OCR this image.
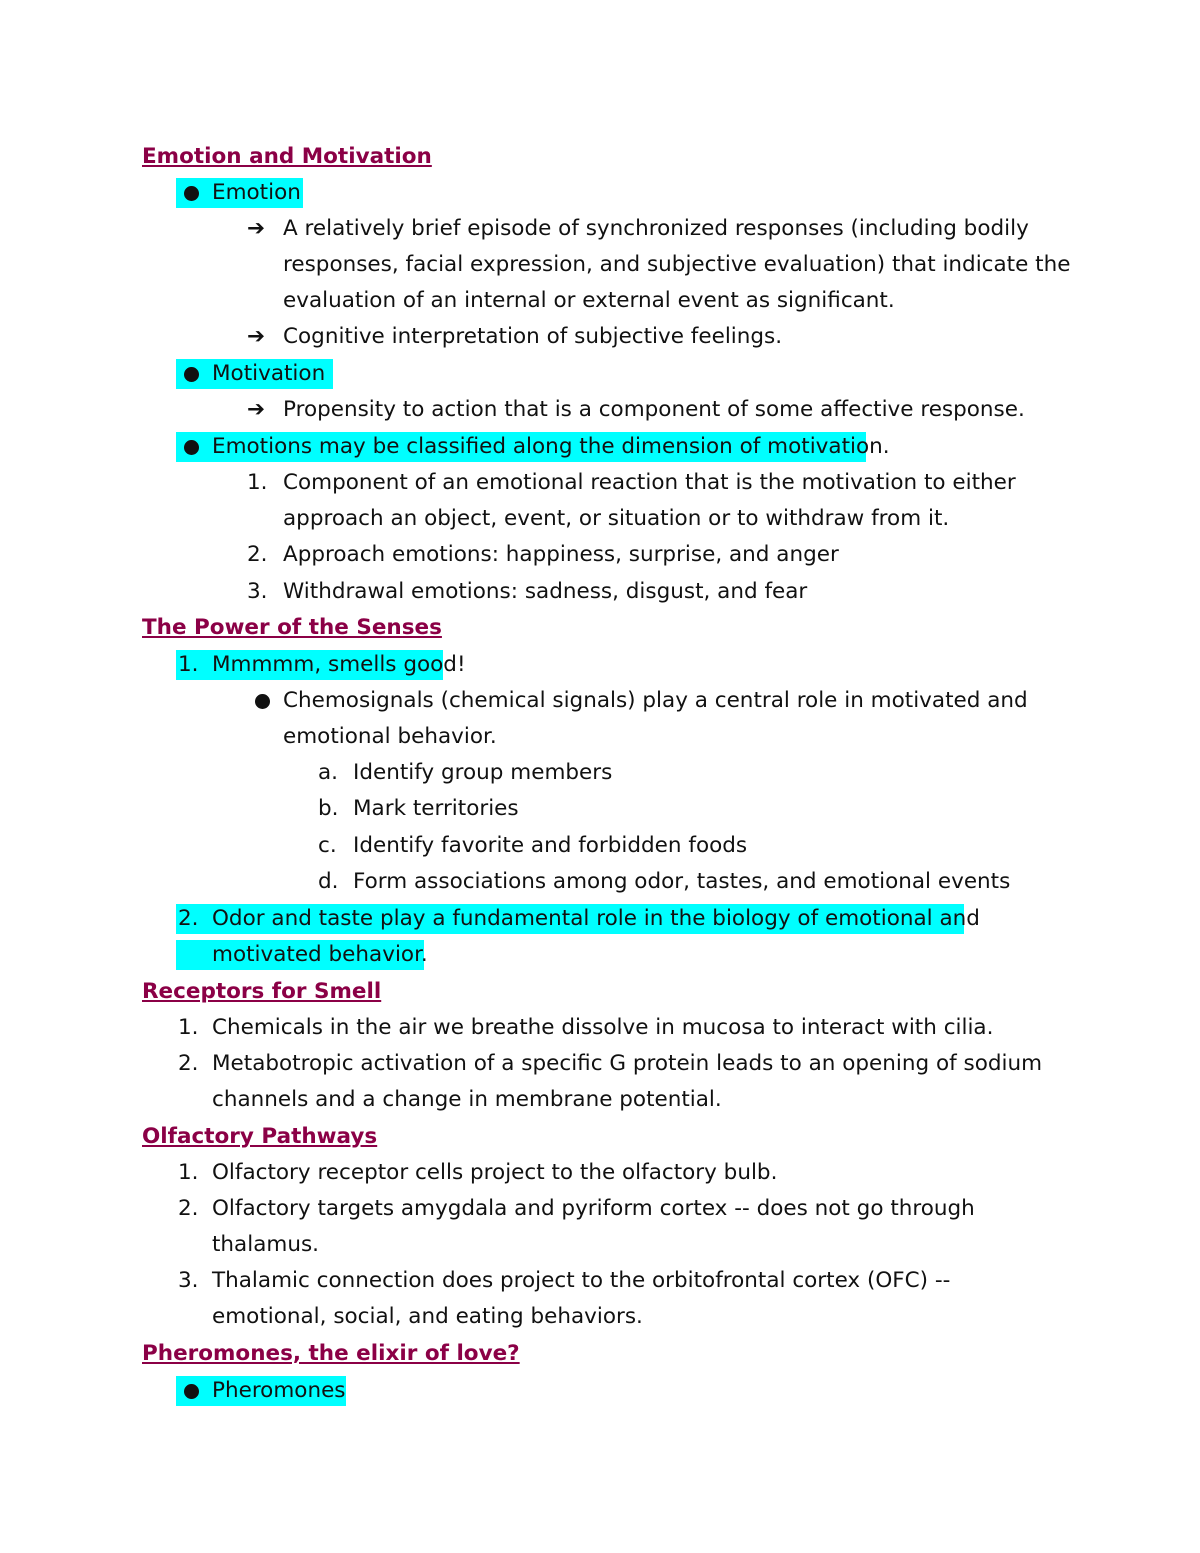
Emotion and Motivation
Emotion
➔ A relatively brief episode of synchronized responses (including bodily
responses, facial expression, and subjective evaluation) that indicate the
evaluation of an internal or external event as significant.
➔ Cognitive interpretation of subjective feelings.
Motivation
➔ Propensity to action that is a component of some affective response.
Emotions may be classified along the dimension of motivation.
1. Component of an emotional reaction that is the motivation to either
approach an object, event, or situation or to withdraw from it.
2. Approach emotions: happiness, surprise, and anger
3. Withdrawal emotions: sadness, disgust, and fear
The Power of the Senses
1. Mmmmm, smells good!
Chemosignals (chemical signals) play a central role in motivated and
emotional behavior.
a. Identify group members
b. Mark territories
c. Identify favorite and forbidden foods
d. Form associations among odor, tastes, and emotional events
2. Odor and taste play a fundamental role in the biology of emotional and
motivated behavior.
Receptors for Smell
1. Chemicals in the air we breathe dissolve in mucosa to interact with cilia.
2. Metabotropic activation of a specific G protein leads to an opening of sodium
channels and a change in membrane potential.
Olfactory Pathways
1. Olfactory receptor cells project to the olfactory bulb.
2. Olfactory targets amygdala and pyriform cortex -- does not go through
thalamus.
3. Thalamic connection does project to the orbitofrontal cortex (OFC) --
emotional, social, and eating behaviors.
Pheromones, the elixir of love?
Pheromones
